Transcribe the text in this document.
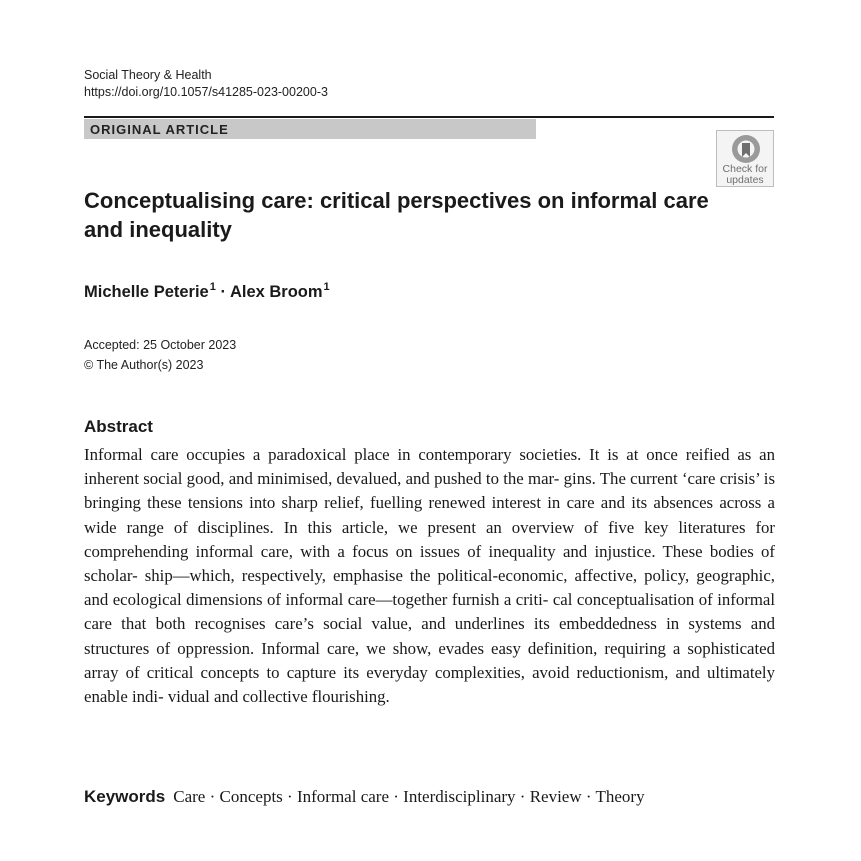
Social Theory & Health
https://doi.org/10.1057/s41285-023-00200-3
ORIGINAL ARTICLE
Check for
updates
Conceptualising care: critical perspectives on informal care and inequality
Michelle Peterie$^1$ · Alex Broom$^1$
Accepted: 25 October 2023
© The Author(s) 2023
Abstract
Informal care occupies a paradoxical place in contemporary societies. It is at once reified as an inherent social good, and minimised, devalued, and pushed to the mar- gins. The current ‘care crisis’ is bringing these tensions into sharp relief, fuelling renewed interest in care and its absences across a wide range of disciplines. In this article, we present an overview of five key literatures for comprehending informal care, with a focus on issues of inequality and injustice. These bodies of scholar- ship—which, respectively, emphasise the political-economic, affective, policy, geographic, and ecological dimensions of informal care—together furnish a criti- cal conceptualisation of informal care that both recognises care’s social value, and underlines its embeddedness in systems and structures of oppression. Informal care, we show, evades easy definition, requiring a sophisticated array of critical concepts to capture its everyday complexities, avoid reductionism, and ultimately enable indi- vidual and collective flourishing.
Keywords Care · Concepts · Informal care · Interdisciplinary · Review · Theory
